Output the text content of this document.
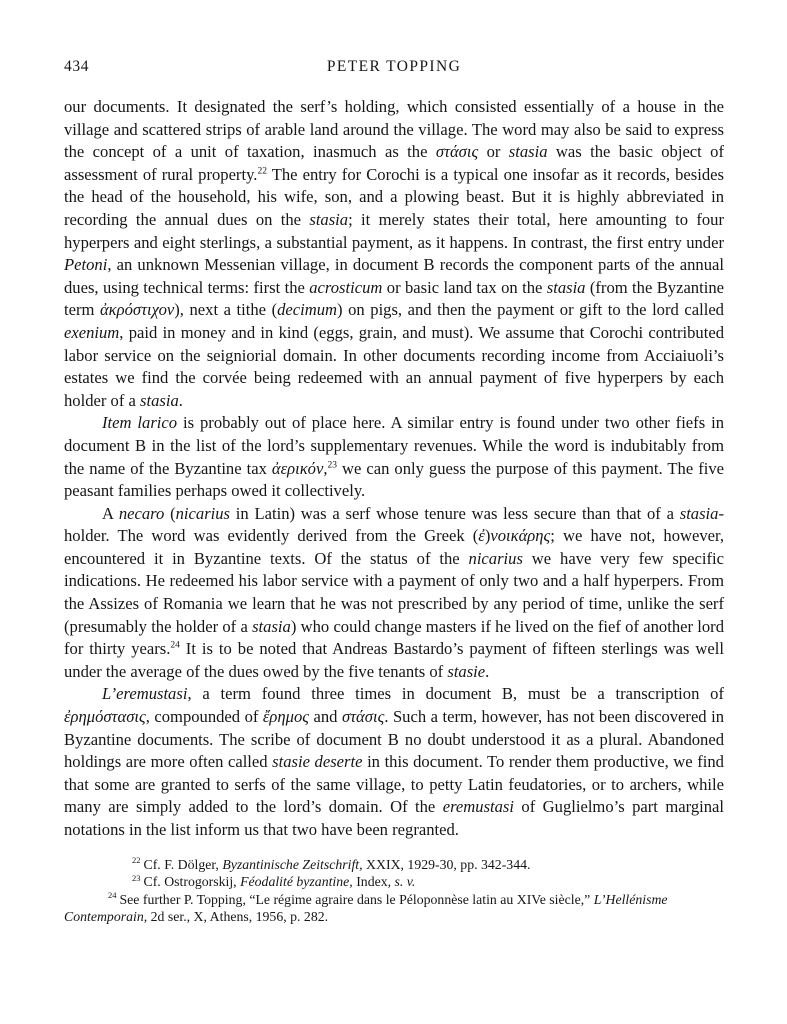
434	PETER TOPPING

our documents. It designated the serf’s holding, which consisted essentially of a house in the village and scattered strips of arable land around the village. The word may also be said to express the concept of a unit of taxation, inasmuch as the στάσις or stasia was the basic object of assessment of rural property.$^{22}$ The entry for Corochi is a typical one insofar as it records, besides the head of the household, his wife, son, and a plowing beast. But it is highly abbreviated in recording the annual dues on the stasia; it merely states their total, here amounting to four hyperpers and eight sterlings, a substantial payment, as it happens. In contrast, the first entry under Petoni, an unknown Messenian village, in document B records the component parts of the annual dues, using technical terms: first the acrosticum or basic land tax on the stasia (from the Byzantine term ἀκρόστιχον), next a tithe (decimum) on pigs, and then the payment or gift to the lord called exenium, paid in money and in kind (eggs, grain, and must). We assume that Corochi contributed labor service on the seigniorial domain. In other documents recording income from Acciaiuoli’s estates we find the corvée being redeemed with an annual payment of five hyperpers by each holder of a stasia.

Item larico is probably out of place here. A similar entry is found under two other fiefs in document B in the list of the lord’s supplementary revenues. While the word is indubitably from the name of the Byzantine tax ἀερικόν,$^{23}$ we can only guess the purpose of this payment. The five peasant families perhaps owed it collectively.

A necaro (nicarius in Latin) was a serf whose tenure was less secure than that of a stasia-holder. The word was evidently derived from the Greek (ἐ)νοικάρης; we have not, however, encountered it in Byzantine texts. Of the status of the nicarius we have very few specific indications. He redeemed his labor service with a payment of only two and a half hyperpers. From the Assizes of Romania we learn that he was not prescribed by any period of time, unlike the serf (presumably the holder of a stasia) who could change masters if he lived on the fief of another lord for thirty years.$^{24}$ It is to be noted that Andreas Bastardo’s payment of fifteen sterlings was well under the average of the dues owed by the five tenants of stasie.

L’eremustasi, a term found three times in document B, must be a transcription of ἐρημόστασις, compounded of ἔρημος and στάσις. Such a term, however, has not been discovered in Byzantine documents. The scribe of document B no doubt understood it as a plural. Abandoned holdings are more often called stasie deserte in this document. To render them productive, we find that some are granted to serfs of the same village, to petty Latin feudatories, or to archers, while many are simply added to the lord’s domain. Of the eremustasi of Guglielmo’s part marginal notations in the list inform us that two have been regranted.

$^{22}$ Cf. F. Dölger, Byzantinische Zeitschrift, XXIX, 1929-30, pp. 342-344.

$^{23}$ Cf. Ostrogorskij, Féodalité byzantine, Index, s. v.

$^{24}$ See further P. Topping, “Le régime agraire dans le Péloponnèse latin au XIVe siècle,” L’Hellénisme Contemporain, 2d ser., X, Athens, 1956, p. 282.
